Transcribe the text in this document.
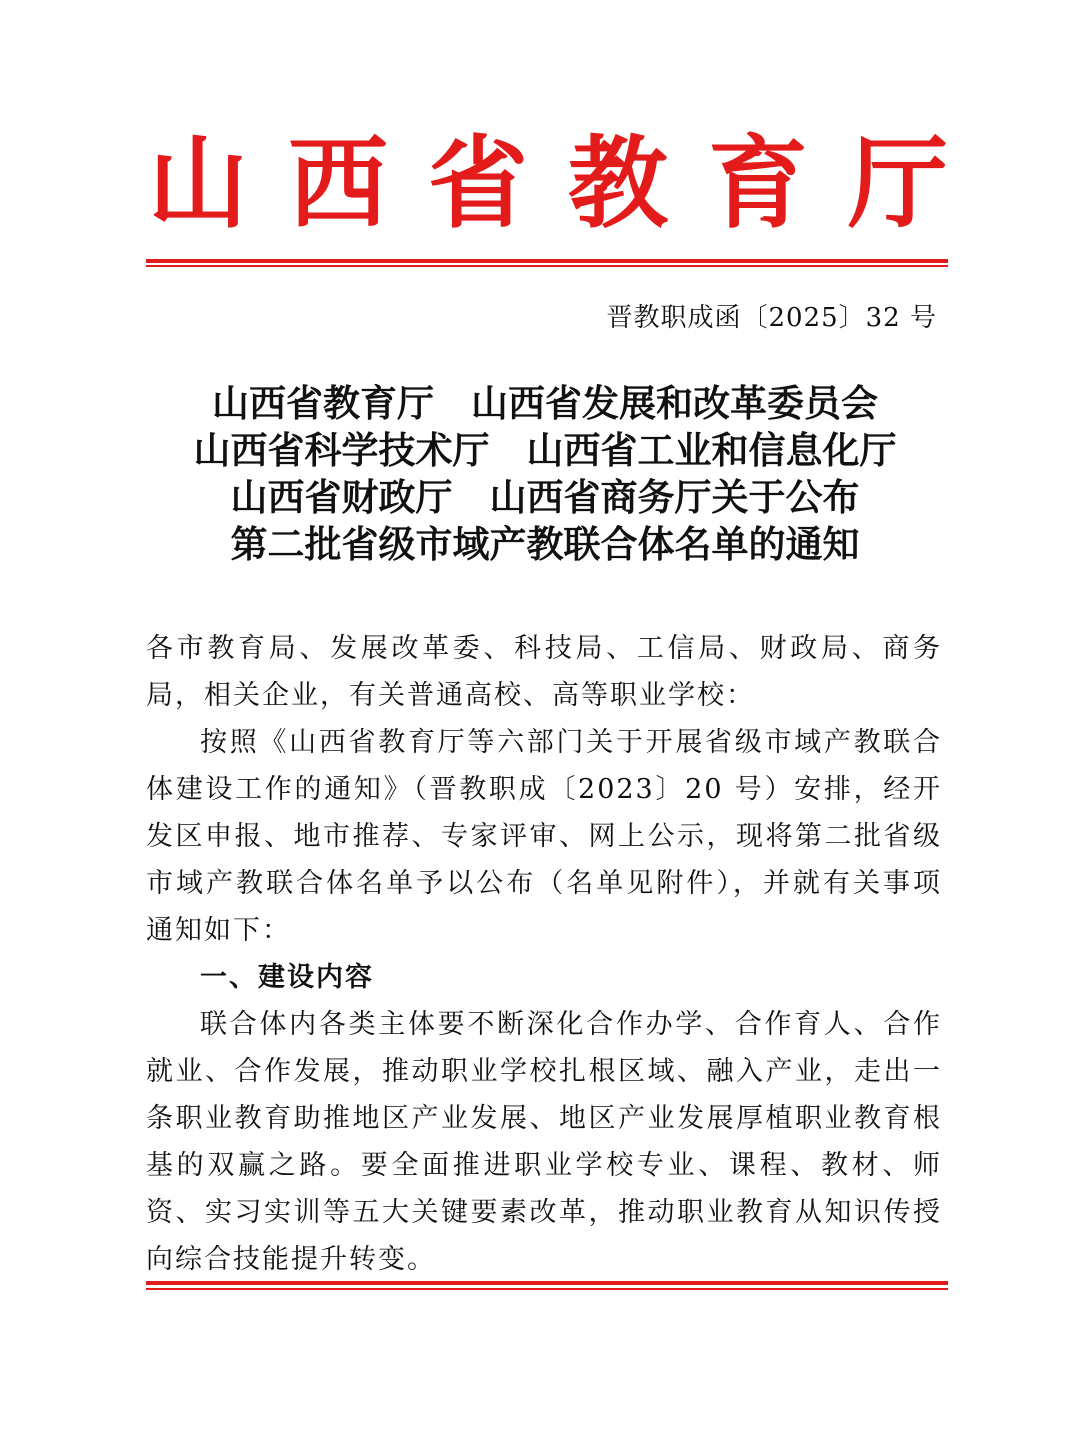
山 西 省 教 育 厅
晋教职成函〔2025〕32 号
山西省教育厅　山西省发展和改革委员会
山西省科学技术厅　山西省工业和信息化厅
山西省财政厅　山西省商务厅关于公布
第二批省级市域产教联合体名单的通知

各市教育局、发展改革委、科技局、工信局、财政局、商务局，相关企业，有关普通高校、高等职业学校：

按照《山西省教育厅等六部门关于开展省级市域产教联合体建设工作的通知》（晋教职成〔2023〕20 号）安排，经开发区申报、地市推荐、专家评审、网上公示，现将第二批省级市域产教联合体名单予以公布（名单见附件），并就有关事项通知如下：

一、建设内容

联合体内各类主体要不断深化合作办学、合作育人、合作就业、合作发展，推动职业学校扎根区域、融入产业，走出一条职业教育助推地区产业发展、地区产业发展厚植职业教育根基的双赢之路。要全面推进职业学校专业、课程、教材、师资、实习实训等五大关键要素改革，推动职业教育从知识传授向综合技能提升转变。
